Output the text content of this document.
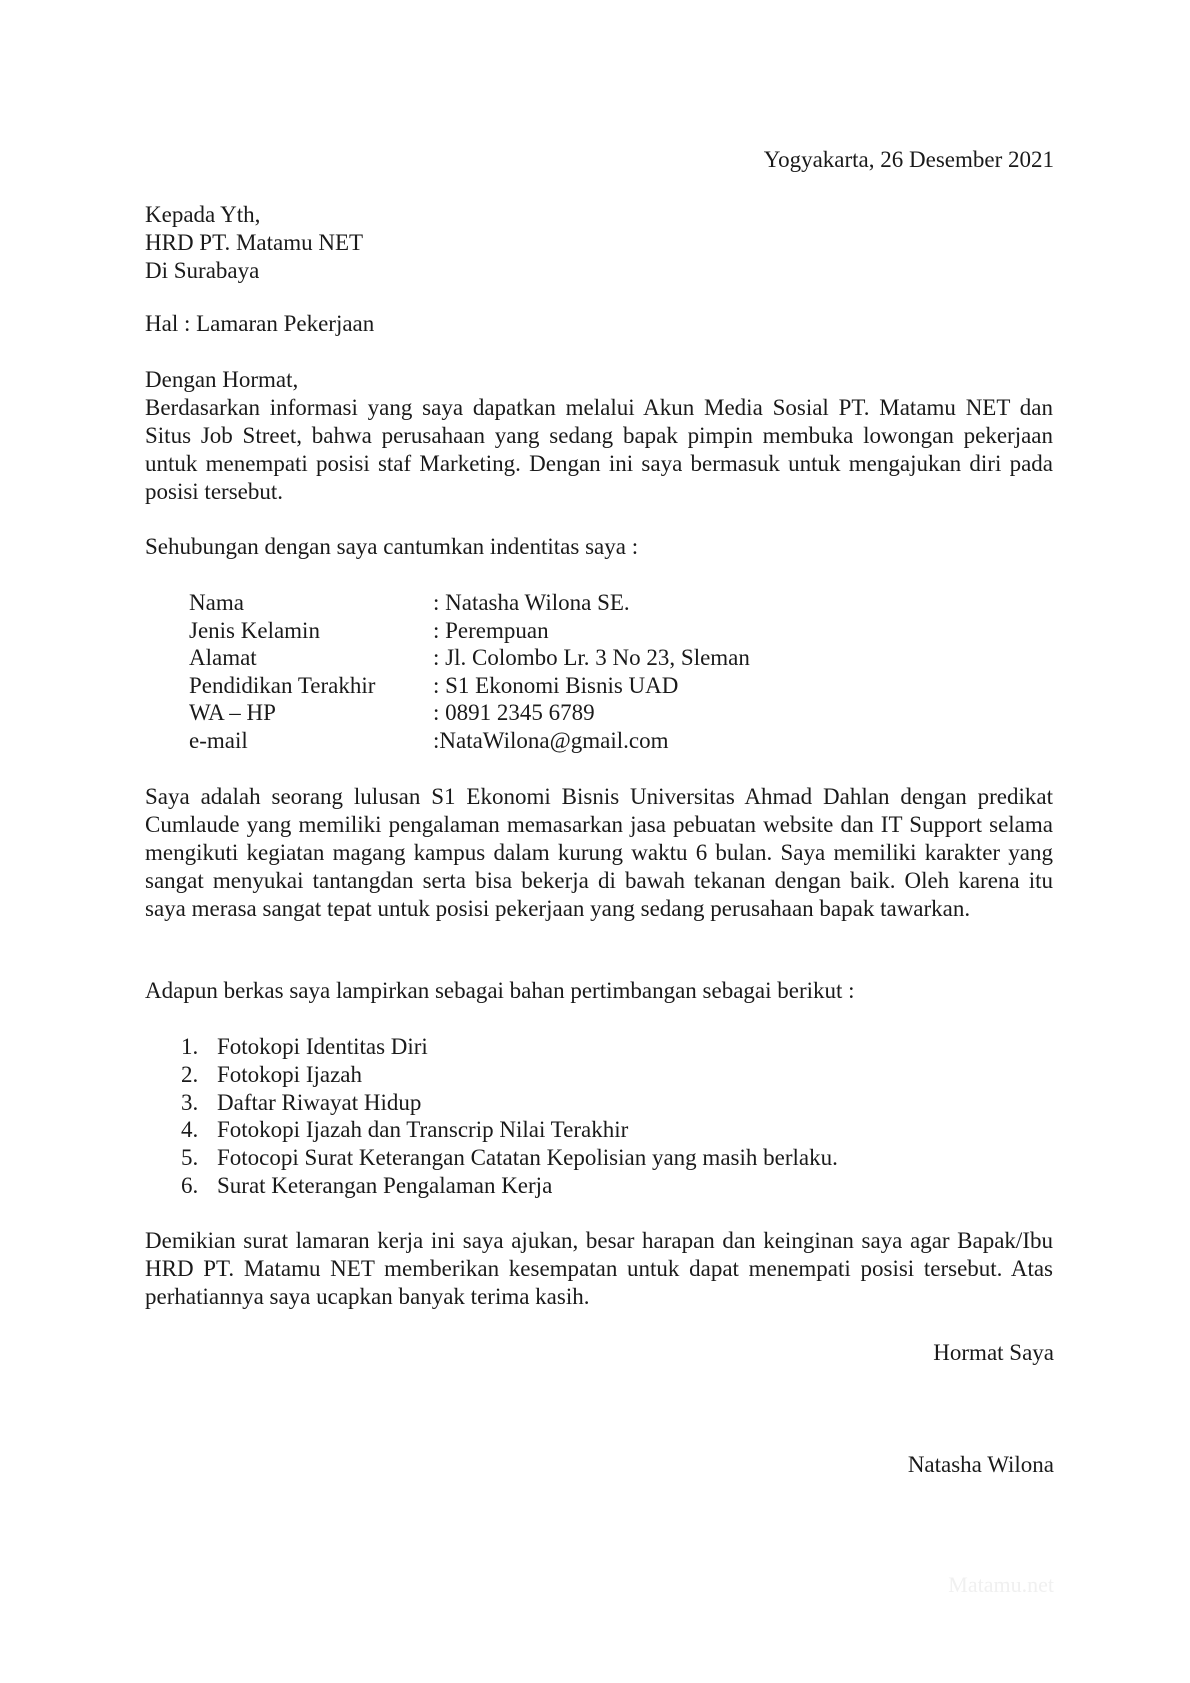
Yogyakarta, 26 Desember 2021
Kepada Yth,
HRD PT. Matamu NET
Di Surabaya
Hal : Lamaran Pekerjaan

Dengan Hormat,

Berdasarkan informasi yang saya dapatkan melalui Akun Media Sosial PT. Matamu NET dan Situs Job Street, bahwa perusahaan yang sedang bapak pimpin membuka lowongan pekerjaan untuk menempati posisi staf Marketing. Dengan ini saya bermasuk untuk mengajukan diri pada posisi tersebut.

Sehubungan dengan saya cantumkan indentitas saya :
Nama	: Natasha Wilona SE.
Jenis Kelamin	: Perempuan
Alamat	: Jl. Colombo Lr. 3 No 23, Sleman
Pendidikan Terakhir	: S1 Ekonomi Bisnis UAD
WA – HP	: 0891 2345 6789
e-mail	:NataWilona@gmail.com

Saya adalah seorang lulusan S1 Ekonomi Bisnis Universitas Ahmad Dahlan dengan predikat Cumlaude yang memiliki pengalaman memasarkan jasa pebuatan website dan IT Support selama mengikuti kegiatan magang kampus dalam kurung waktu 6 bulan. Saya memiliki karakter yang sangat menyukai tantangdan serta bisa bekerja di bawah tekanan dengan baik. Oleh karena itu saya merasa sangat tepat untuk posisi pekerjaan yang sedang perusahaan bapak tawarkan.

Adapun berkas saya lampirkan sebagai bahan pertimbangan sebagai berikut :
1. Fotokopi Identitas Diri
2. Fotokopi Ijazah
3. Daftar Riwayat Hidup
4. Fotokopi Ijazah dan Transcrip Nilai Terakhir
5. Fotocopi Surat Keterangan Catatan Kepolisian yang masih berlaku.
6. Surat Keterangan Pengalaman Kerja

Demikian surat lamaran kerja ini saya ajukan, besar harapan dan keinginan saya agar Bapak/Ibu HRD PT. Matamu NET memberikan kesempatan untuk dapat menempati posisi tersebut. Atas perhatiannya saya ucapkan banyak terima kasih.

Hormat Saya
Natasha Wilona
Matamu.net
